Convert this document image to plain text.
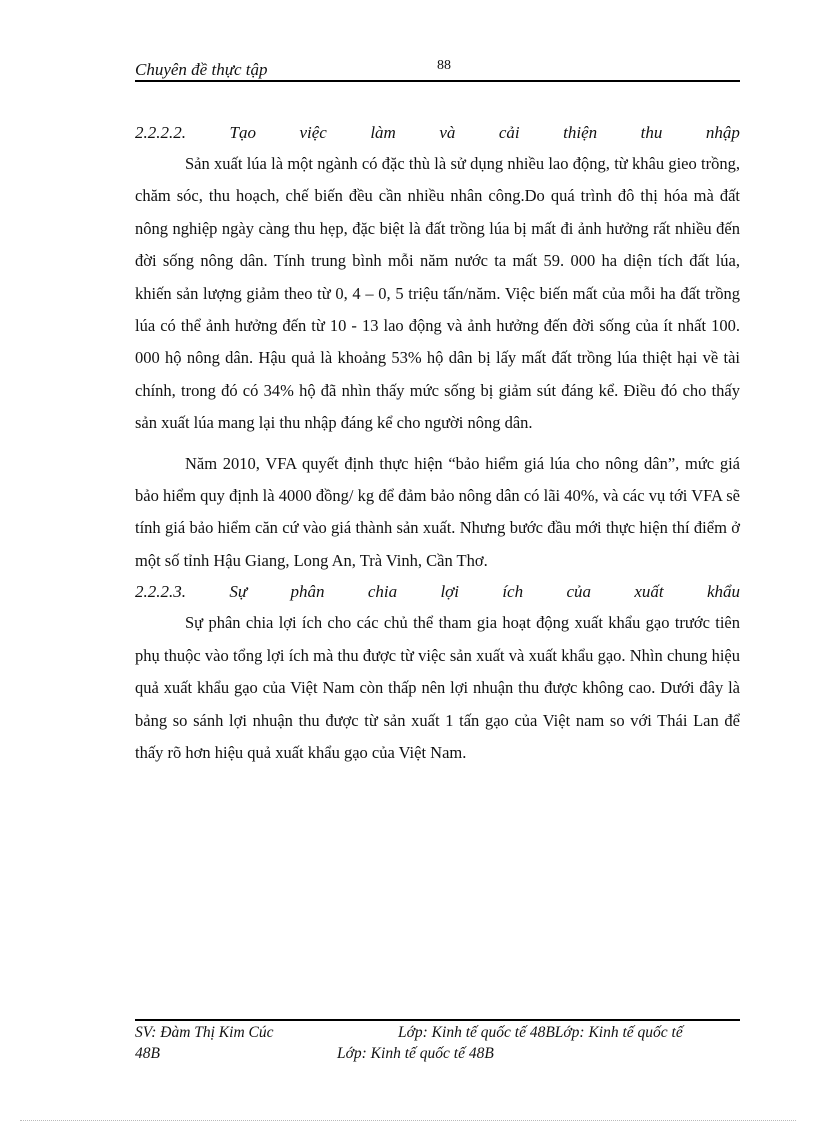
Chuyên đề thực tập	88
2.2.2.2.	Tạo	việc	làm	và	cải	thiện	thu	nhập

Sản xuất lúa là một ngành có đặc thù là sử dụng nhiều lao động, từ khâu gieo trồng, chăm sóc, thu hoạch, chế biến đều cần nhiều nhân công.Do quá trình đô thị hóa mà đất nông nghiệp ngày càng thu hẹp, đặc biệt là đất trồng lúa bị mất đi ảnh hưởng rất nhiều đến đời sống nông dân. Tính trung bình mỗi năm nước ta mất 59. 000 ha diện tích đất lúa, khiến sản lượng giảm theo từ 0, 4 – 0, 5 triệu tấn/năm. Việc biến mất của mỗi ha đất trồng lúa có thể ảnh hưởng đến từ 10 - 13 lao động và ảnh hưởng đến đời sống của ít nhất 100. 000 hộ nông dân. Hậu quả là khoảng 53% hộ dân bị lấy mất đất trồng lúa thiệt hại về tài chính, trong đó có 34% hộ đã nhìn thấy mức sống bị giảm sút đáng kể. Điều đó cho thấy sản xuất lúa mang lại thu nhập đáng kể cho người nông dân.

Năm 2010, VFA quyết định thực hiện “bảo hiểm giá lúa cho nông dân”, mức giá bảo hiểm quy định là 4000 đồng/ kg để đảm bảo nông dân có lãi 40%, và các vụ tới VFA sẽ tính giá bảo hiểm căn cứ vào giá thành sản xuất. Nhưng bước đầu mới thực hiện thí điểm ở một số tỉnh Hậu Giang, Long An, Trà Vinh, Cần Thơ.

2.2.2.3.	Sự	phân	chia	lợi	ích	của	xuất	khẩu

Sự phân chia lợi ích cho các chủ thể tham gia hoạt động xuất khẩu gạo trước tiên phụ thuộc vào tổng lợi ích mà thu được từ việc sản xuất và xuất khẩu gạo. Nhìn chung hiệu quả xuất khẩu gạo của Việt Nam còn thấp nên lợi nhuận thu được không cao. Dưới đây là bảng so sánh lợi nhuận thu được từ sản xuất 1 tấn gạo của Việt nam so với Thái Lan để thấy rõ hơn hiệu quả xuất khẩu gạo của Việt Nam.

SV: Đàm Thị Kim Cúc	Lớp: Kinh tế quốc tế 48BLớp: Kinh tế quốc tế
48B	Lớp: Kinh tế quốc tế 48B
